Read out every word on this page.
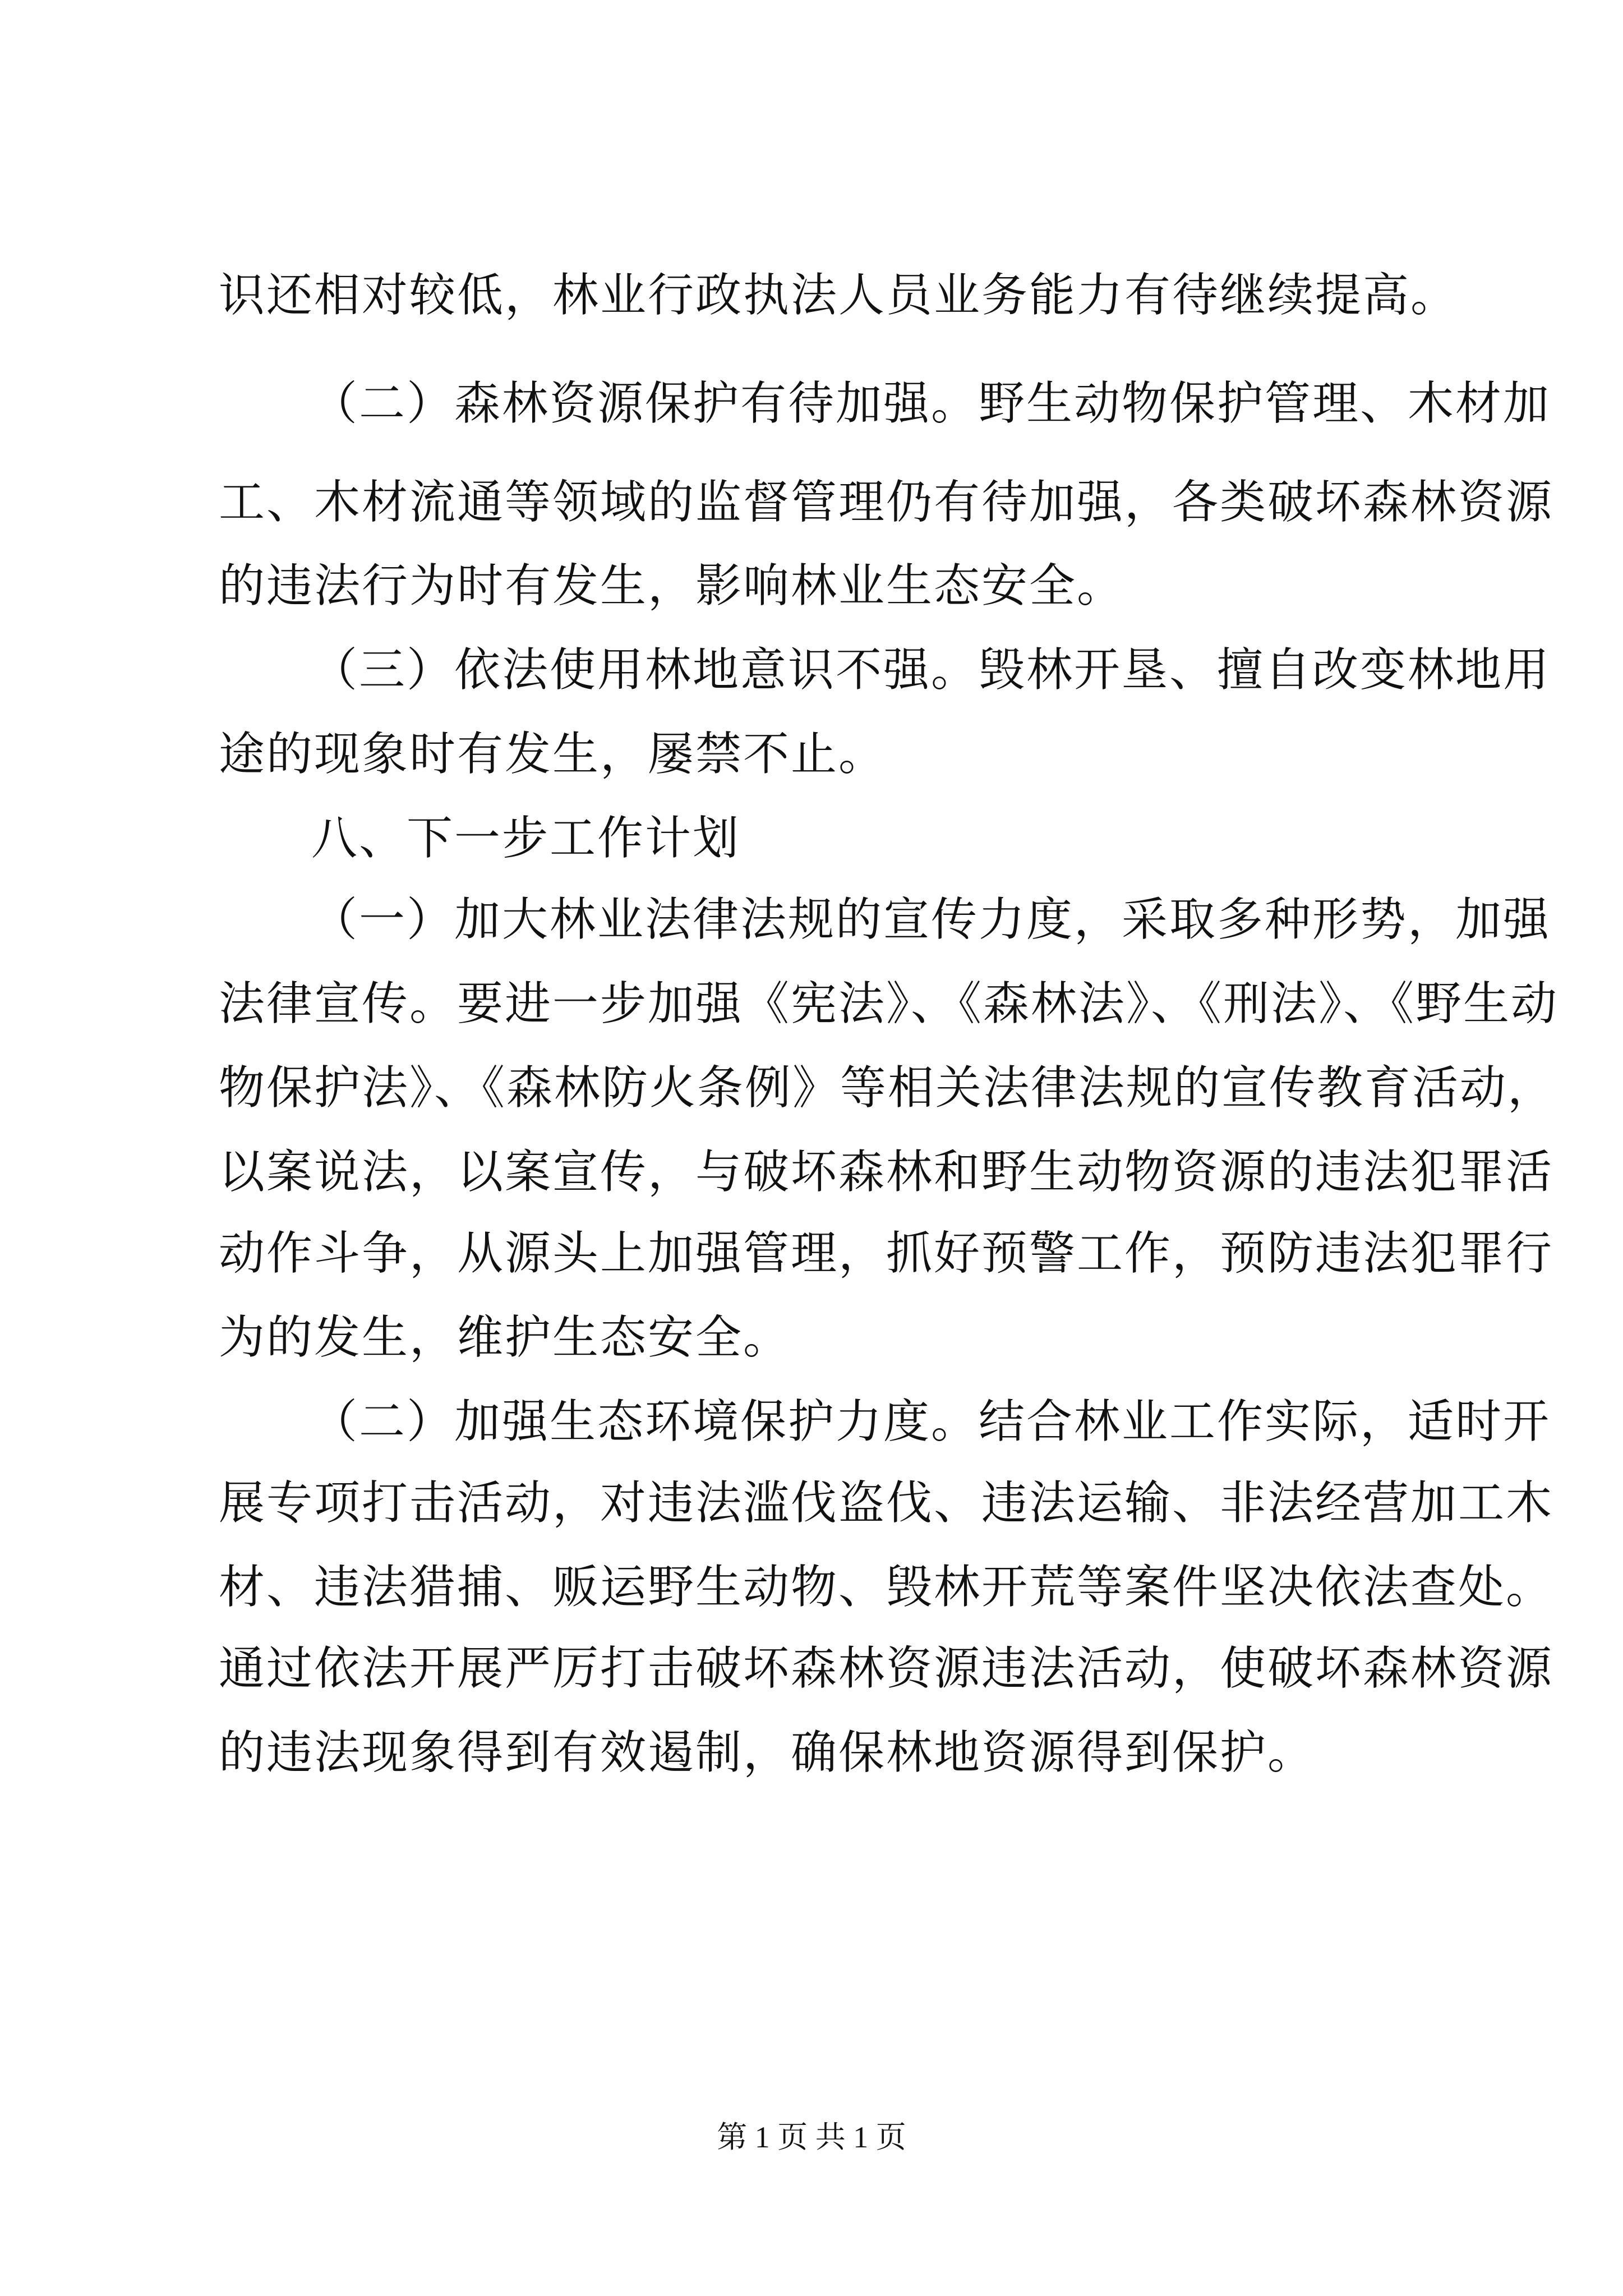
识还相对较低，林业行政执法人员业务能力有待继续提高。
（二）森林资源保护有待加强。野生动物保护管理、木材加
工、木材流通等领域的监督管理仍有待加强，各类破坏森林资源
的违法行为时有发生，影响林业生态安全。
（三）依法使用林地意识不强。毁林开垦、擅自改变林地用
途的现象时有发生，屡禁不止。
八、下一步工作计划
（一）加大林业法律法规的宣传力度，采取多种形势，加强
法律宣传。要进一步加强《宪法》、《森林法》、《刑法》、《野生动
物保护法》、《森林防火条例》等相关法律法规的宣传教育活动，
以案说法，以案宣传，与破坏森林和野生动物资源的违法犯罪活
动作斗争，从源头上加强管理，抓好预警工作，预防违法犯罪行
为的发生，维护生态安全。
（二）加强生态环境保护力度。结合林业工作实际，适时开
展专项打击活动，对违法滥伐盗伐、违法运输、非法经营加工木
材、违法猎捕、贩运野生动物、毁林开荒等案件坚决依法查处。
通过依法开展严厉打击破坏森林资源违法活动，使破坏森林资源
的违法现象得到有效遏制，确保林地资源得到保护。
第 1 页 共 1 页
